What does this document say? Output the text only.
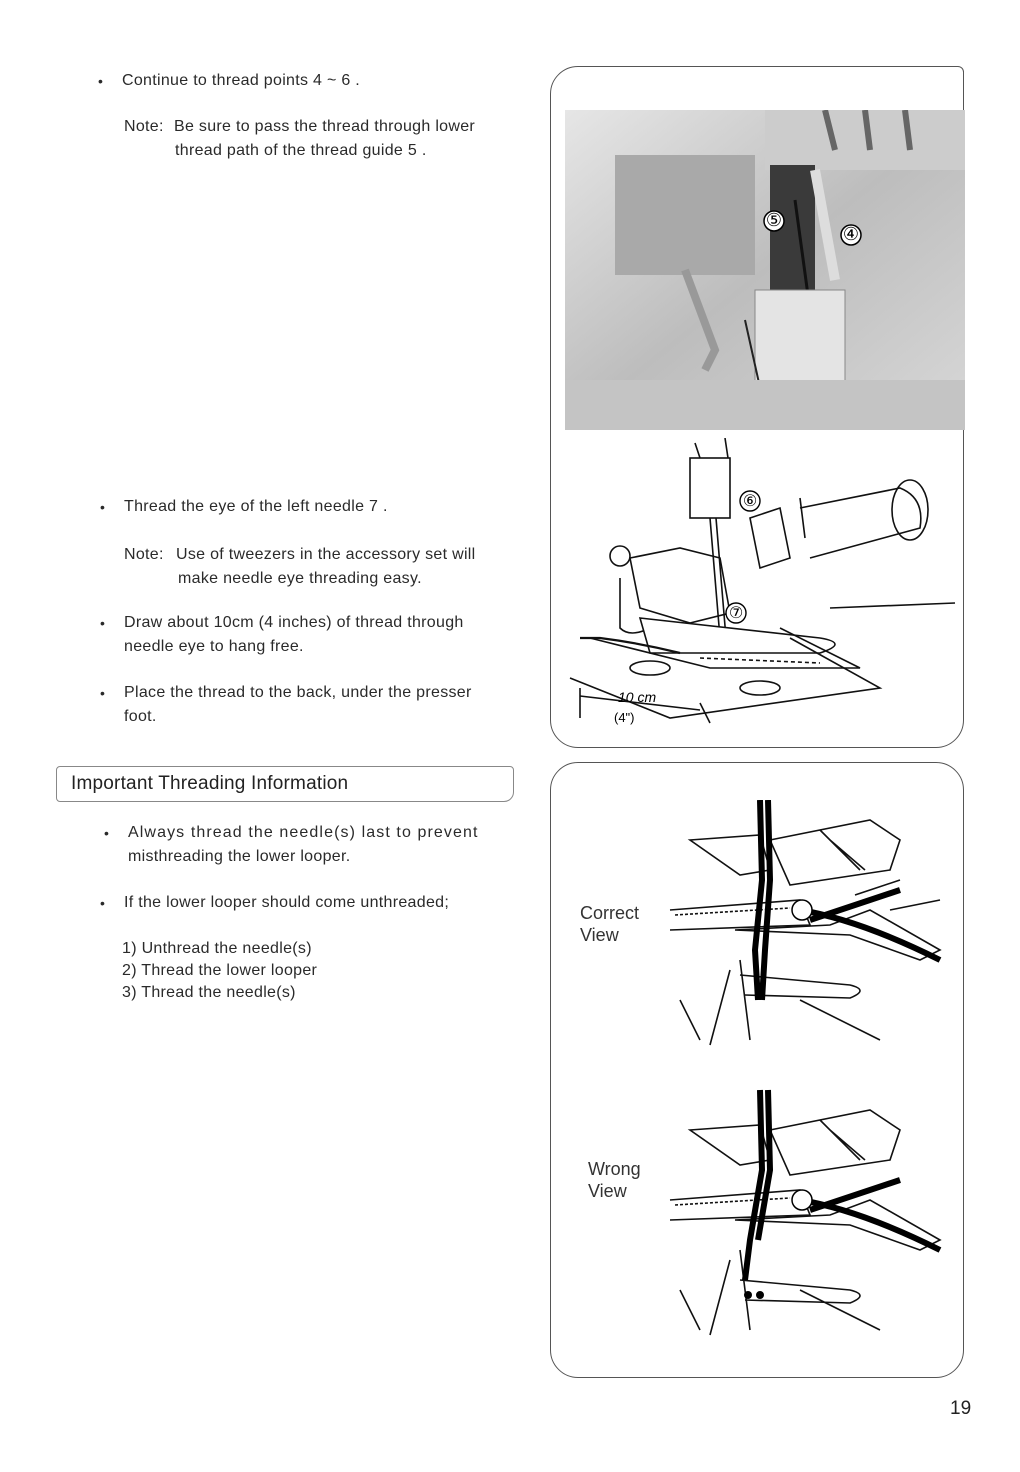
• Continue to thread points 4 ~ 6 .
Note: Be sure to pass the thread through lower
thread path of the thread guide 5 .
• Thread the eye of the left needle 7 .
Note: Use of tweezers in the accessory set will
make needle eye threading easy.
• Draw about 10cm (4 inches) of thread through
needle eye to hang free.
• Place the thread to the back, under the presser
foot.
⑤
④
⑥
⑦
10 cm
(4")
Important Threading Information
• Always thread the needle(s) last to prevent
misthreading the lower looper.
• If the lower looper should come unthreaded;
1) Unthread the needle(s)
2) Thread the lower looper
3) Thread the needle(s)
Correct
View
Wrong
View
19
